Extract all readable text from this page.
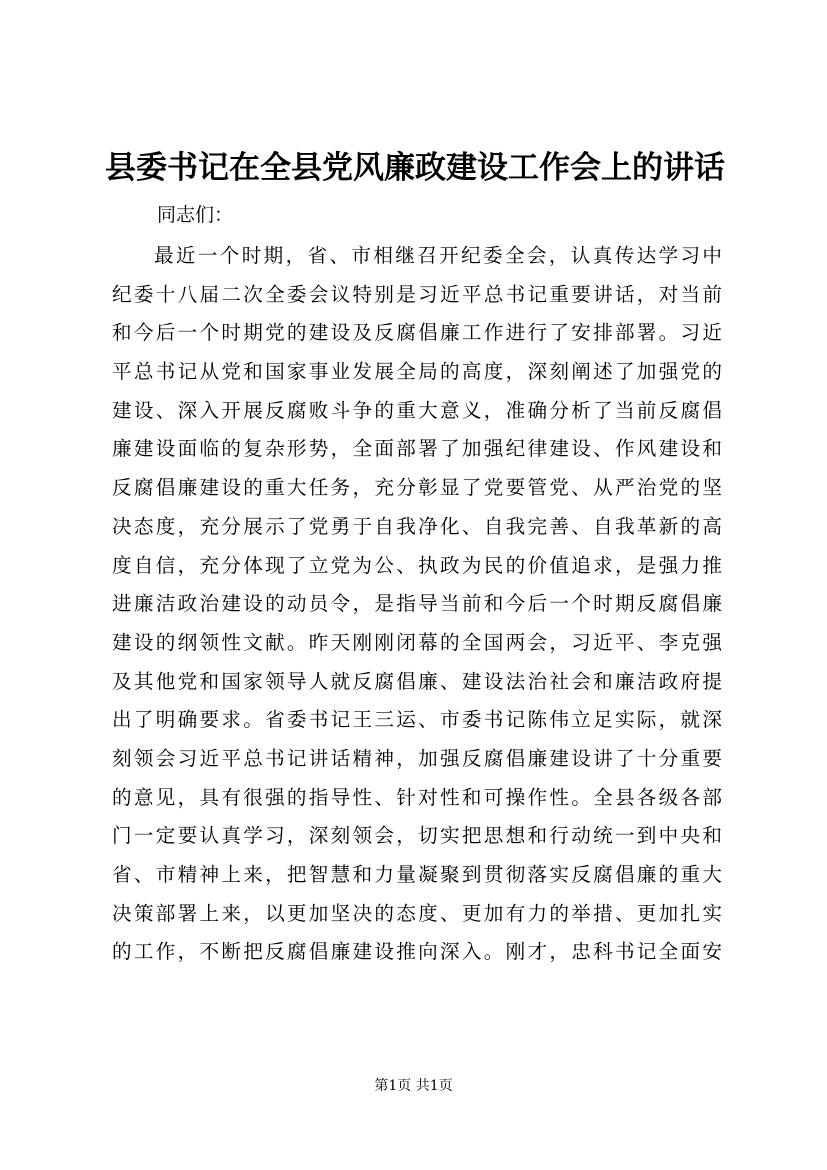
县委书记在全县党风廉政建设工作会上的讲话
同志们：
最近一个时期，省、市相继召开纪委全会，认真传达学习中
纪委十八届二次全委会议特别是习近平总书记重要讲话，对当前
和今后一个时期党的建设及反腐倡廉工作进行了安排部署。习近
平总书记从党和国家事业发展全局的高度，深刻阐述了加强党的
建设、深入开展反腐败斗争的重大意义，准确分析了当前反腐倡
廉建设面临的复杂形势，全面部署了加强纪律建设、作风建设和
反腐倡廉建设的重大任务，充分彰显了党要管党、从严治党的坚
决态度，充分展示了党勇于自我净化、自我完善、自我革新的高
度自信，充分体现了立党为公、执政为民的价值追求，是强力推
进廉洁政治建设的动员令，是指导当前和今后一个时期反腐倡廉
建设的纲领性文献。昨天刚刚闭幕的全国两会，习近平、李克强
及其他党和国家领导人就反腐倡廉、建设法治社会和廉洁政府提
出了明确要求。省委书记王三运、市委书记陈伟立足实际，就深
刻领会习近平总书记讲话精神，加强反腐倡廉建设讲了十分重要
的意见，具有很强的指导性、针对性和可操作性。全县各级各部
门一定要认真学习，深刻领会，切实把思想和行动统一到中央和
省、市精神上来，把智慧和力量凝聚到贯彻落实反腐倡廉的重大
决策部署上来，以更加坚决的态度、更加有力的举措、更加扎实
的工作，不断把反腐倡廉建设推向深入。刚才，忠科书记全面安
第1页 共1页
